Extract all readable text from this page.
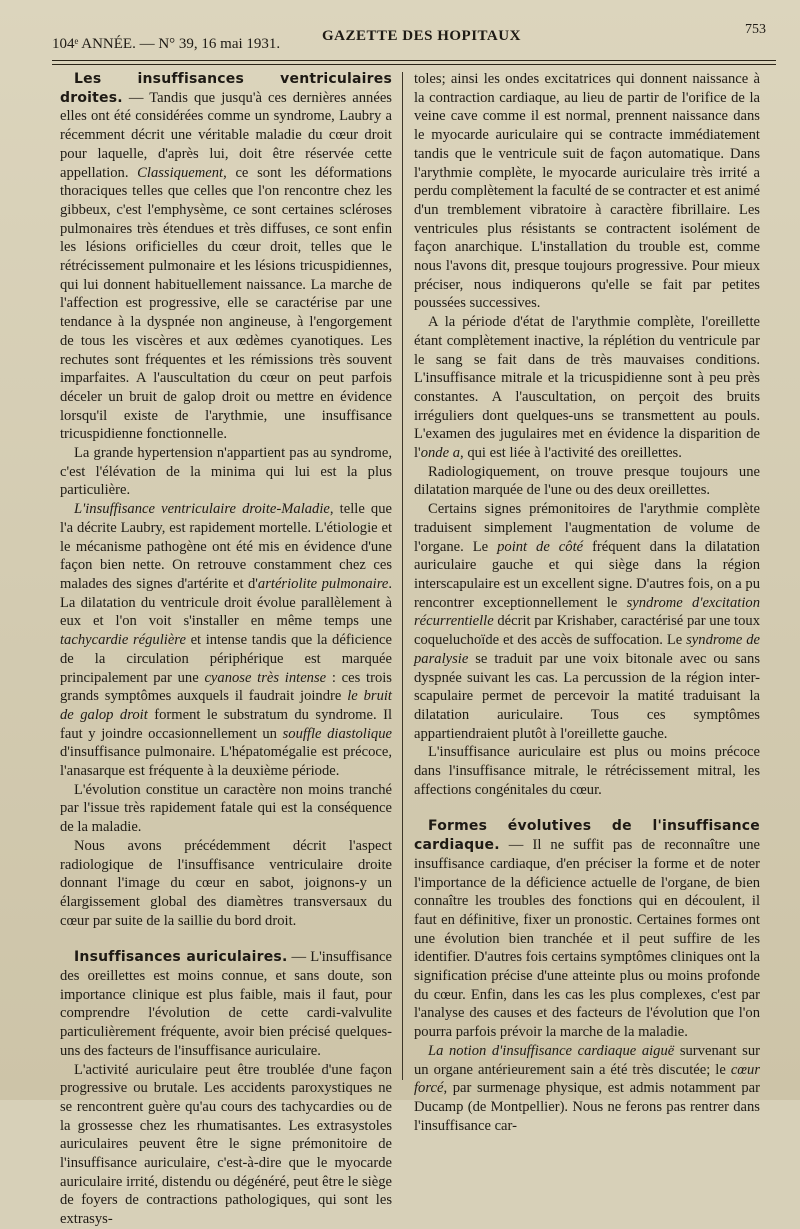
104ᵉ ANNÉE. — N° 39, 16 mai 1931.	GAZETTE DES HOPITAUX	753

Les insuffisances ventriculaires droites. — Tandis que jusqu'à ces dernières années elles ont été considérées comme un syndrome, Laubry a récemment décrit une véritable maladie du cœur droit pour laquelle, d'après lui, doit être réservée cette appellation. Classiquement, ce sont les déformations thoraciques telles que celles que l'on rencontre chez les gibbeux, c'est l'emphysème, ce sont certaines scléroses pulmonaires très étendues et très diffuses, ce sont enfin les lésions orificielles du cœur droit, telles que le rétrécissement pulmonaire et les lésions tricuspidiennes, qui lui donnent habituellement naissance. La marche de l'affection est progressive, elle se caractérise par une tendance à la dyspnée non angineuse, à l'engorgement de tous les viscères et aux œdèmes cyanotiques. Les rechutes sont fréquentes et les rémissions très souvent imparfaites. A l'auscultation du cœur on peut parfois déceler un bruit de galop droit ou mettre en évidence lorsqu'il existe de l'arythmie, une insuffisance tricuspidienne fonctionnelle.

La grande hypertension n'appartient pas au syndrome, c'est l'élévation de la minima qui lui est la plus particulière.

L'insuffisance ventriculaire droite-Maladie, telle que l'a décrite Laubry, est rapidement mortelle. L'étiologie et le mécanisme pathogène ont été mis en évidence d'une façon bien nette. On retrouve constamment chez ces malades des signes d'artérite et d'artériolite pulmonaire. La dilatation du ventricule droit évolue parallèlement à eux et l'on voit s'installer en même temps une tachycardie régulière et intense tandis que la déficience de la circulation périphérique est marquée principalement par une cyanose très intense : ces trois grands symptômes auxquels il faudrait joindre le bruit de galop droit forment le substratum du syndrome. Il faut y joindre occasionnellement un souffle diastolique d'insuffisance pulmonaire. L'hépatomégalie est précoce, l'anasarque est fréquente à la deuxième période.

L'évolution constitue un caractère non moins tranché par l'issue très rapidement fatale qui est la conséquence de la maladie.

Nous avons précédemment décrit l'aspect radiologique de l'insuffisance ventriculaire droite donnant l'image du cœur en sabot, joignons-y un élargissement global des diamètres transversaux du cœur par suite de la saillie du bord droit.

Insuffisances auriculaires. — L'insuffisance des oreillettes est moins connue, et sans doute, son importance clinique est plus faible, mais il faut, pour comprendre l'évolution de cette cardi-valvulite particulièrement fréquente, avoir bien précisé quelques-uns des facteurs de l'insuffisance auriculaire.

L'activité auriculaire peut être troublée d'une façon progressive ou brutale. Les accidents paroxystiques ne se rencontrent guère qu'au cours des tachycardies ou de la grossesse chez les rhumatisantes. Les extrasystoles auriculaires peuvent être le signe prémonitoire de l'insuffisance auriculaire, c'est-à-dire que le myocarde auriculaire irrité, distendu ou dégénéré, peut être le siège de foyers de contractions pathologiques, qui sont les extrasys-

toles; ainsi les ondes excitatrices qui donnent naissance à la contraction cardiaque, au lieu de partir de l'orifice de la veine cave comme il est normal, prennent naissance dans le myocarde auriculaire qui se contracte immédiatement tandis que le ventricule suit de façon automatique. Dans l'arythmie complète, le myocarde auriculaire très irrité a perdu complètement la faculté de se contracter et est animé d'un tremblement vibratoire à caractère fibrillaire. Les ventricules plus résistants se contractent isolément de façon anarchique. L'installation du trouble est, comme nous l'avons dit, presque toujours progressive. Pour mieux préciser, nous indiquerons qu'elle se fait par petites poussées successives.

A la période d'état de l'arythmie complète, l'oreillette étant complètement inactive, la réplétion du ventricule par le sang se fait dans de très mauvaises conditions. L'insuffisance mitrale et la tricuspidienne sont à peu près constantes. A l'auscultation, on perçoit des bruits irréguliers dont quelques-uns se transmettent au pouls. L'examen des jugulaires met en évidence la disparition de l'onde a, qui est liée à l'activité des oreillettes.

Radiologiquement, on trouve presque toujours une dilatation marquée de l'une ou des deux oreillettes.

Certains signes prémonitoires de l'arythmie complète traduisent simplement l'augmentation de volume de l'organe. Le point de côté fréquent dans la dilatation auriculaire gauche et qui siège dans la région interscapulaire est un excellent signe. D'autres fois, on a pu rencontrer exceptionnellement le syndrome d'excitation récurrentielle décrit par Krishaber, caractérisé par une toux coqueluchoïde et des accès de suffocation. Le syndrome de paralysie se traduit par une voix bitonale avec ou sans dyspnée suivant les cas. La percussion de la région inter-scapulaire permet de percevoir la matité traduisant la dilatation auriculaire. Tous ces symptômes appartiendraient plutôt à l'oreillette gauche.

L'insuffisance auriculaire est plus ou moins précoce dans l'insuffisance mitrale, le rétrécissement mitral, les affections congénitales du cœur.

Formes évolutives de l'insuffisance cardiaque. — Il ne suffit pas de reconnaître une insuffisance cardiaque, d'en préciser la forme et de noter l'importance de la déficience actuelle de l'organe, de bien connaître les troubles des fonctions qui en découlent, il faut en définitive, fixer un pronostic. Certaines formes ont une évolution bien tranchée et il peut suffire de les identifier. D'autres fois certains symptômes cliniques ont la signification précise d'une atteinte plus ou moins profonde du cœur. Enfin, dans les cas les plus complexes, c'est par l'analyse des causes et des facteurs de l'évolution que l'on pourra parfois prévoir la marche de la maladie.

La notion d'insuffisance cardiaque aiguë survenant sur un organe antérieurement sain a été très discutée; le cœur forcé, par surmenage physique, est admis notamment par Ducamp (de Montpellier). Nous ne ferons pas rentrer dans l'insuffisance car-
